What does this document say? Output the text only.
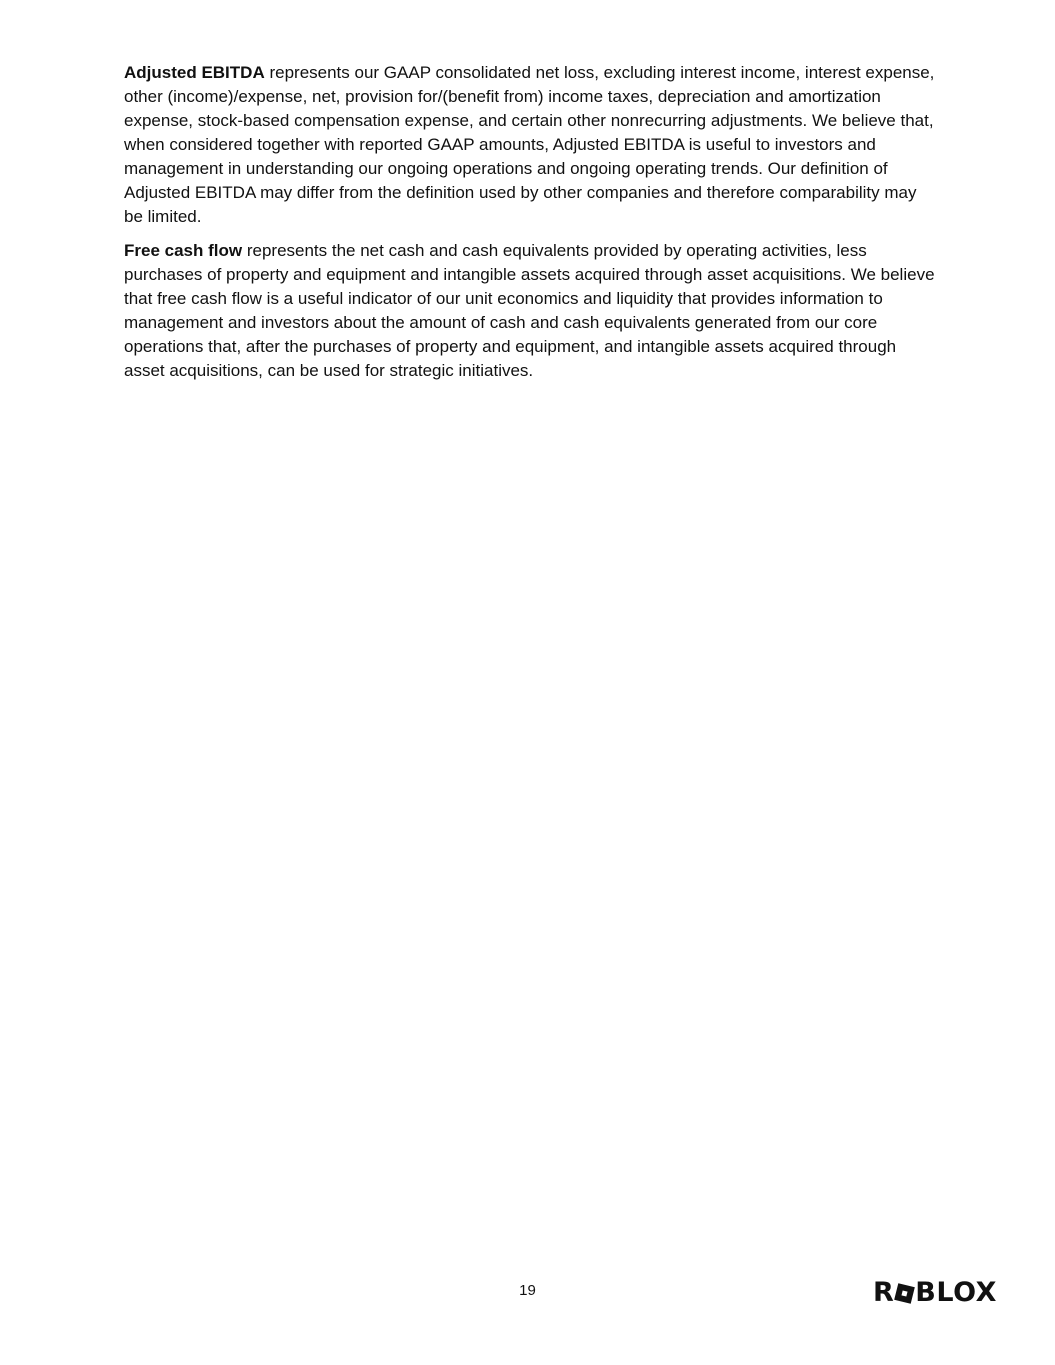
Adjusted EBITDA represents our GAAP consolidated net loss, excluding interest income, interest expense, other (income)/expense, net, provision for/(benefit from) income taxes, depreciation and amortization expense, stock-based compensation expense, and certain other nonrecurring adjustments. We believe that, when considered together with reported GAAP amounts, Adjusted EBITDA is useful to investors and management in understanding our ongoing operations and ongoing operating trends. Our definition of Adjusted EBITDA may differ from the definition used by other companies and therefore comparability may be limited.

Free cash flow represents the net cash and cash equivalents provided by operating activities, less purchases of property and equipment and intangible assets acquired through asset acquisitions. We believe that free cash flow is a useful indicator of our unit economics and liquidity that provides information to management and investors about the amount of cash and cash equivalents generated from our core operations that, after the purchases of property and equipment, and intangible assets acquired through asset acquisitions, can be used for strategic initiatives.

19	R BLOX
